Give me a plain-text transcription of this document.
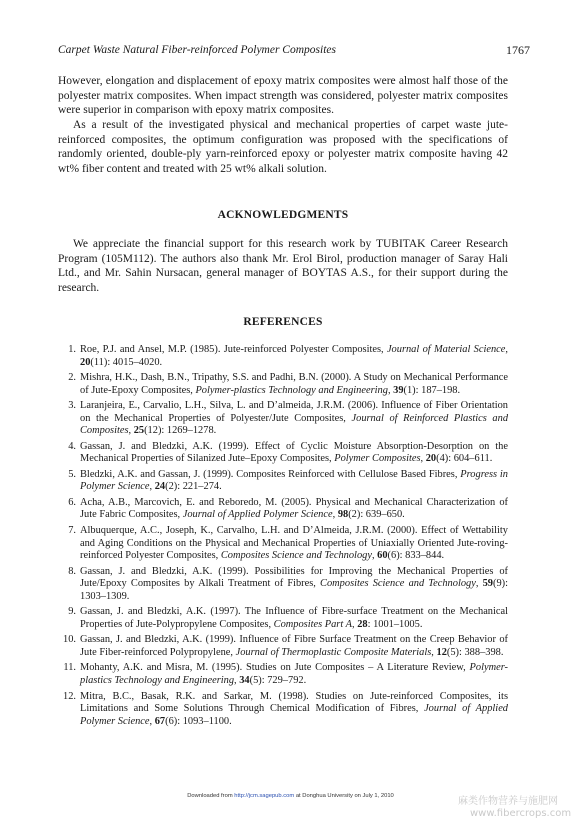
Carpet Waste Natural Fiber-reinforced Polymer Composites	1767

However, elongation and displacement of epoxy matrix composites were almost half those of the polyester matrix composites. When impact strength was considered, polyester matrix composites were superior in comparison with epoxy matrix composites.

As a result of the investigated physical and mechanical properties of carpet waste jute-reinforced composites, the optimum configuration was proposed with the specifications of randomly oriented, double-ply yarn-reinforced epoxy or polyester matrix composite having 42 wt% fiber content and treated with 25 wt% alkali solution.

ACKNOWLEDGMENTS

We appreciate the financial support for this research work by TUBITAK Career Research Program (105M112). The authors also thank Mr. Erol Birol, production manager of Saray Hali Ltd., and Mr. Sahin Nursacan, general manager of BOYTAS A.S., for their support during the research.

REFERENCES
1. Roe, P.J. and Ansel, M.P. (1985). Jute-reinforced Polyester Composites, Journal of Material Science, 20(11): 4015–4020.
2. Mishra, H.K., Dash, B.N., Tripathy, S.S. and Padhi, B.N. (2000). A Study on Mechanical Performance of Jute-Epoxy Composites, Polymer-plastics Technology and Engineering, 39(1): 187–198.
3. Laranjeira, E., Carvalio, L.H., Silva, L. and D’almeida, J.R.M. (2006). Influence of Fiber Orientation on the Mechanical Properties of Polyester/Jute Composites, Journal of Reinforced Plastics and Composites, 25(12): 1269–1278.
4. Gassan, J. and Bledzki, A.K. (1999). Effect of Cyclic Moisture Absorption-Desorption on the Mechanical Properties of Silanized Jute–Epoxy Composites, Polymer Composites, 20(4): 604–611.
5. Bledzki, A.K. and Gassan, J. (1999). Composites Reinforced with Cellulose Based Fibres, Progress in Polymer Science, 24(2): 221–274.
6. Acha, A.B., Marcovich, E. and Reboredo, M. (2005). Physical and Mechanical Characterization of Jute Fabric Composites, Journal of Applied Polymer Science, 98(2): 639–650.
7. Albuquerque, A.C., Joseph, K., Carvalho, L.H. and D’Almeida, J.R.M. (2000). Effect of Wettability and Aging Conditions on the Physical and Mechanical Properties of Uniaxially Oriented Jute-roving-reinforced Polyester Composites, Composites Science and Technology, 60(6): 833–844.
8. Gassan, J. and Bledzki, A.K. (1999). Possibilities for Improving the Mechanical Properties of Jute/Epoxy Composites by Alkali Treatment of Fibres, Composites Science and Technology, 59(9): 1303–1309.
9. Gassan, J. and Bledzki, A.K. (1997). The Influence of Fibre-surface Treatment on the Mechanical Properties of Jute-Polypropylene Composites, Composites Part A, 28: 1001–1005.
10. Gassan, J. and Bledzki, A.K. (1999). Influence of Fibre Surface Treatment on the Creep Behavior of Jute Fiber-reinforced Polypropylene, Journal of Thermoplastic Composite Materials, 12(5): 388–398.
11. Mohanty, A.K. and Misra, M. (1995). Studies on Jute Composites – A Literature Review, Polymer-plastics Technology and Engineering, 34(5): 729–792.
12. Mitra, B.C., Basak, R.K. and Sarkar, M. (1998). Studies on Jute-reinforced Composites, its Limitations and Some Solutions Through Chemical Modification of Fibres, Journal of Applied Polymer Science, 67(6): 1093–1100.
Downloaded from http://jcm.sagepub.com at Donghua University on July 1, 2010	麻类作物营养与施肥网
www.fibercrops.com
